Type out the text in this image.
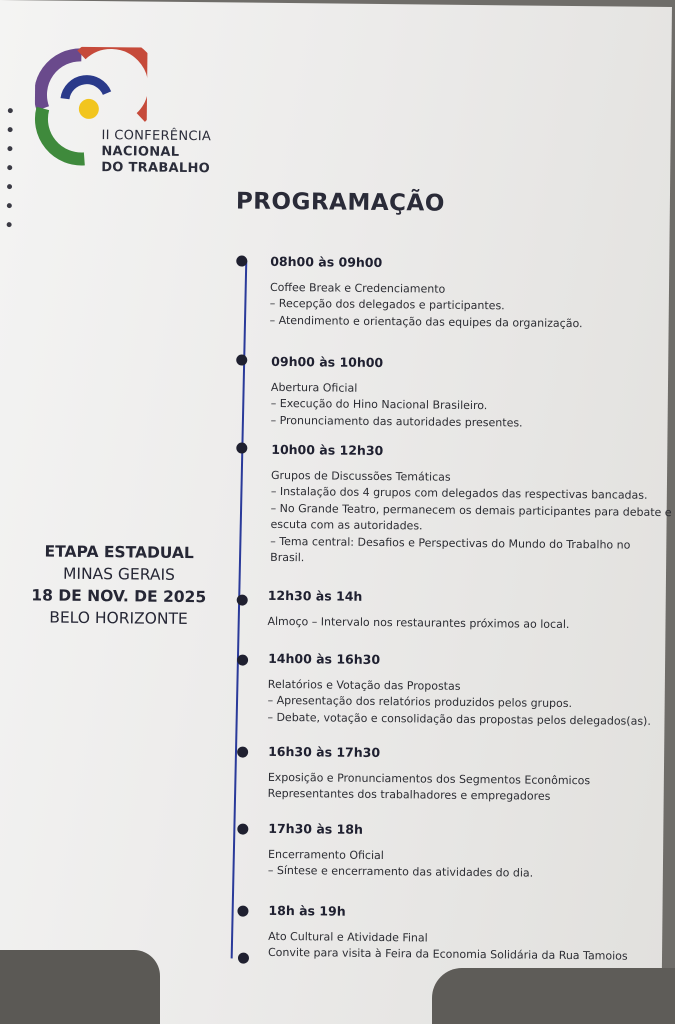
II CONFERÊNCIA
NACIONAL
DO TRABALHO
PROGRAMAÇÃO
ETAPA ESTADUAL
MINAS GERAIS
18 DE NOV. DE 2025
BELO HORIZONTE
08h00 às 09h00
Coffee Break e Credenciamento
– Recepção dos delegados e participantes.
– Atendimento e orientação das equipes da organização.
09h00 às 10h00
Abertura Oficial
– Execução do Hino Nacional Brasileiro.
– Pronunciamento das autoridades presentes.
10h00 às 12h30
Grupos de Discussões Temáticas
– Instalação dos 4 grupos com delegados das respectivas bancadas.
– No Grande Teatro, permanecem os demais participantes para debate e
escuta com as autoridades.
– Tema central: Desafios e Perspectivas do Mundo do Trabalho no
Brasil.
12h30 às 14h
Almoço – Intervalo nos restaurantes próximos ao local.
14h00 às 16h30
Relatórios e Votação das Propostas
– Apresentação dos relatórios produzidos pelos grupos.
– Debate, votação e consolidação das propostas pelos delegados(as).
16h30 às 17h30
Exposição e Pronunciamentos dos Segmentos Econômicos
Representantes dos trabalhadores e empregadores
17h30 às 18h
Encerramento Oficial
– Síntese e encerramento das atividades do dia.
18h às 19h
Ato Cultural e Atividade Final
Convite para visita à Feira da Economia Solidária da Rua Tamoios
